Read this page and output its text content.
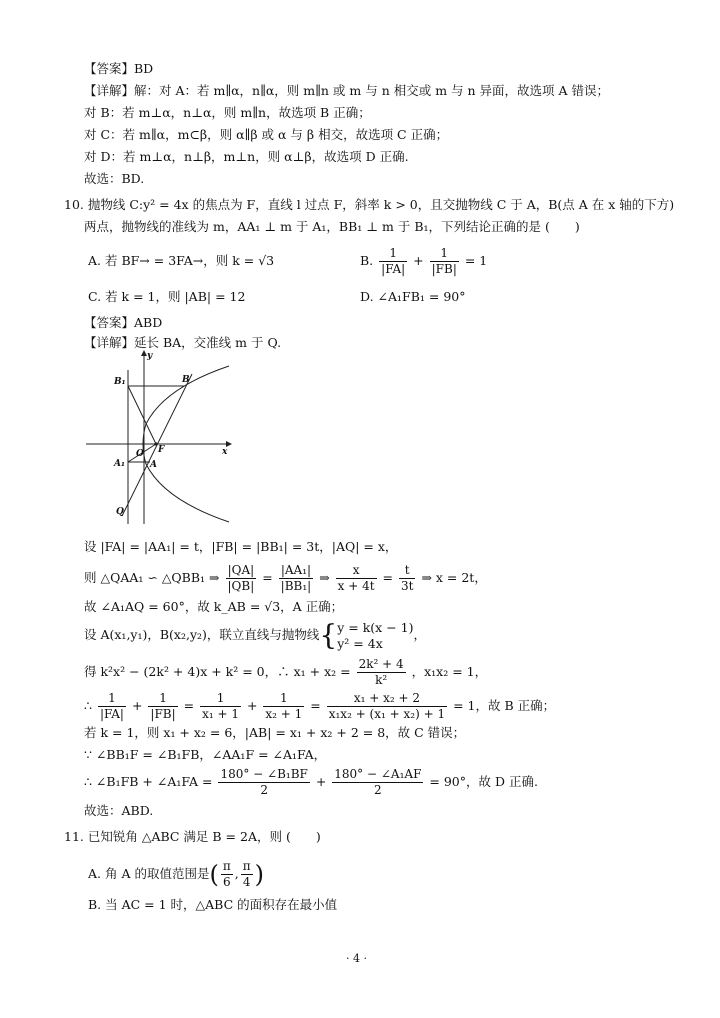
【答案】BD
【详解】解：对 A：若 m∥α，n∥α，则 m∥n 或 m 与 n 相交或 m 与 n 异面，故选项 A 错误；
对 B：若 m⊥α，n⊥α，则 m∥n，故选项 B 正确；
对 C：若 m∥α，m⊂β，则 α∥β 或 α 与 β 相交，故选项 C 正确；
对 D：若 m⊥α，n⊥β，m⊥n，则 α⊥β，故选项 D 正确.
故选：BD.
10. 抛物线 C:y² = 4x 的焦点为 F，直线 l 过点 F，斜率 k > 0，且交抛物线 C 于 A，B(点 A 在 x 轴的下方)
两点，抛物线的准线为 m，AA₁ ⊥ m 于 A₁，BB₁ ⊥ m 于 B₁，下列结论正确的是 (　　)
A. 若 BF→ = 3FA→，则 k = √3	B. $\frac{1}{|FA|} + \frac{1}{|FB|} = 1$
C. 若 k = 1，则 |AB| = 12	D. ∠A₁FB₁ = 90°
【答案】ABD
【详解】延长 BA，交准线 m 于 Q.
B₁	B
y
O F	x
A₁	A
Q
设 |FA| = |AA₁| = t，|FB| = |BB₁| = 3t，|AQ| = x，
则 △QAA₁ ∽ △QBB₁ ⇒ $\frac{|QA|}{|QB|} = \frac{\text{|AA₁|}}{\text{|BB₁|}}$ ⇒ $\frac{x}{x + 4t} = \frac{t}{3t}$ ⇒ x = 2t，
故 ∠A₁AQ = 60°，故 k_AB = √3，A 正确；
设 A(x₁,y₁)，B(x₂,y₂)，联立直线与抛物线{ y = k(x − 1)
y² = 4x
，
得 k²x² − (2k² + 4)x + k² = 0，∴ $x_1 + x_2 = \frac{\text{2k² + 4}}{\text{k²}}$ ，x₁x₂ = 1，
∴ $\frac{1}{|FA|} + \frac{1}{|FB|} = \frac{1}{\text{x₁ + 1}} + \frac{1}{\text{x₂ + 1}} = \frac{\text{x₁ + x₂ + 2}}{\text{x₁x₂ + (x₁ + x₂) + 1}} = 1$，故 B 正确；
若 k = 1，则 x₁ + x₂ = 6，|AB| = x₁ + x₂ + 2 = 8，故 C 错误；
∵ ∠BB₁F = ∠B₁FB，∠AA₁F = ∠A₁FA，
∴ ∠B₁FB + ∠A₁FA = $\frac{\text{180° − ∠B₁BF}}{2} + \frac{\text{180° − ∠A₁AF}}{2} = 90^\circ$，故 D 正确.
故选：ABD.
11. 已知锐角 △ABC 满足 B = 2A，则 (　　)
A. 角 A 的取值范围是( $\frac{\pi}{6}$ , $\frac{\pi}{4}$ )
B. 当 AC = 1 时，△ABC 的面积存在最小值
· 4 ·
